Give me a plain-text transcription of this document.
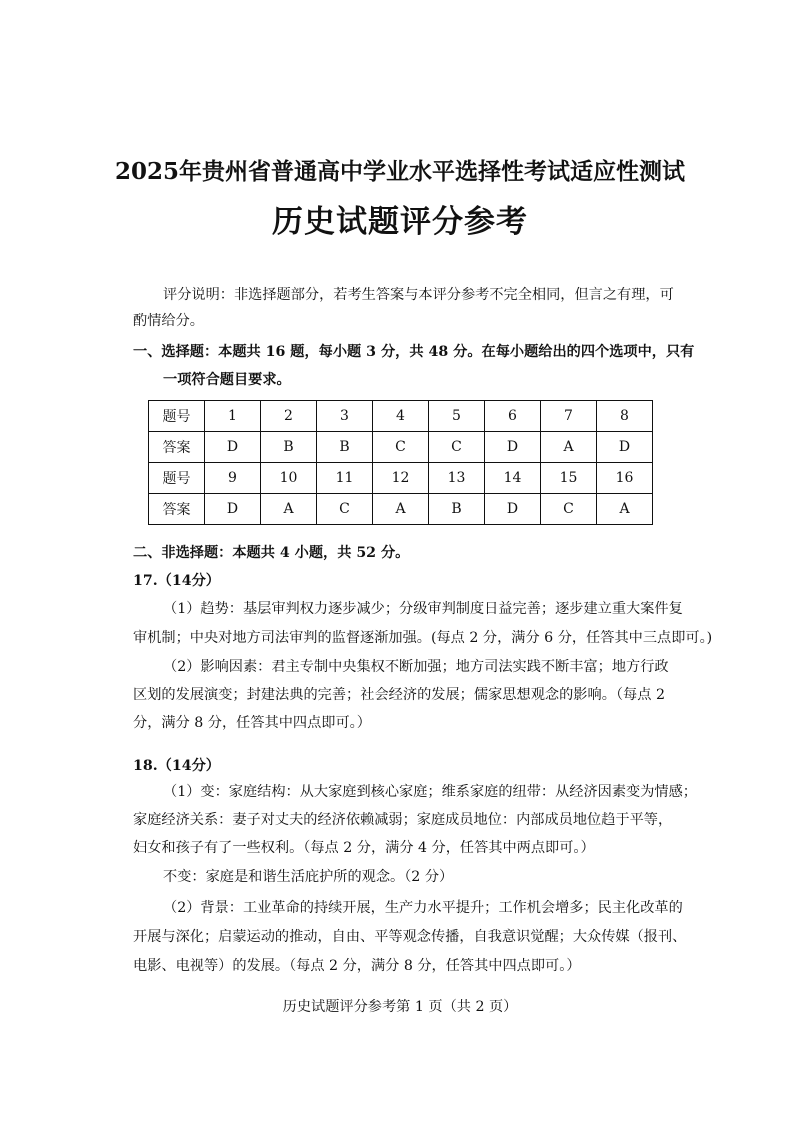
2025年贵州省普通高中学业水平选择性考试适应性测试
历史试题评分参考
评分说明：非选择题部分，若考生答案与本评分参考不完全相同，但言之有理，可
酌情给分。
一、选择题：本题共 16 题，每小题 3 分，共 48 分。在每小题给出的四个选项中，只有
一项符合题目要求。
题号	1	2	3	4	5	6	7	8
答案	D	B	B	C	C	D	A	D
题号	9	10	11	12	13	14	15	16
答案	D	A	C	A	B	D	C	A
二、非选择题：本题共 4 小题，共 52 分。
17.（14分）
（1）趋势：基层审判权力逐步减少；分级审判制度日益完善；逐步建立重大案件复
审机制；中央对地方司法审判的监督逐渐加强。(每点 2 分，满分 6 分，任答其中三点即可。)
（2）影响因素：君主专制中央集权不断加强；地方司法实践不断丰富；地方行政
区划的发展演变；封建法典的完善；社会经济的发展；儒家思想观念的影响。（每点 2
分，满分 8 分，任答其中四点即可。）
18.（14分）
（1）变：家庭结构：从大家庭到核心家庭；维系家庭的纽带：从经济因素变为情感；
家庭经济关系：妻子对丈夫的经济依赖减弱；家庭成员地位：内部成员地位趋于平等，
妇女和孩子有了一些权利。（每点 2 分，满分 4 分，任答其中两点即可。）
不变：家庭是和谐生活庇护所的观念。（2 分）
（2）背景：工业革命的持续开展，生产力水平提升；工作机会增多；民主化改革的
开展与深化；启蒙运动的推动，自由、平等观念传播，自我意识觉醒；大众传媒（报刊、
电影、电视等）的发展。（每点 2 分，满分 8 分，任答其中四点即可。）
历史试题评分参考第 1 页（共 2 页）
